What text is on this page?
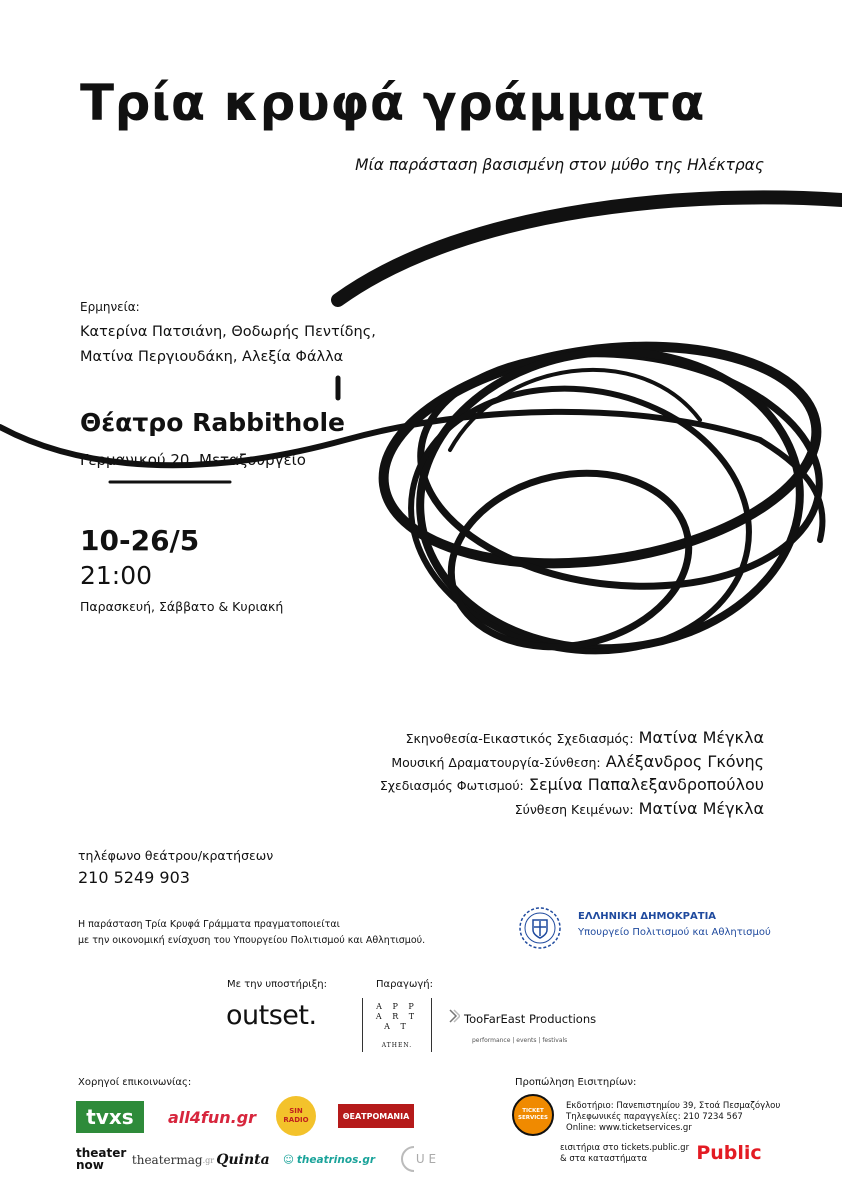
Τρία κρυφά γράμματα
Μία παράσταση βασισμένη στον μύθο της Ηλέκτρας
Ερμηνεία:
Κατερίνα Πατσιάνη, Θοδωρής Πεντίδης,
Ματίνα Περγιουδάκη, Αλεξία Φάλλα
Θέατρο Rabbithole
Γερμανικού 20, Μεταξουργείο
10-26/5
21:00
Παρασκευή, Σάββατο & Κυριακή
Σκηνοθεσία-Εικαστικός Σχεδιασμός: Ματίνα Μέγκλα
Μουσική Δραματουργία-Σύνθεση: Αλέξανδρος Γκόνης
Σχεδιασμός Φωτισμού: Σεμίνα Παπαλεξανδροπούλου
Σύνθεση Κειμένων: Ματίνα Μέγκλα
τηλέφωνο θεάτρου/κρατήσεων
210 5249 903
Η παράσταση Τρία Κρυφά Γράμματα πραγματοποιείται
με την οικονομική ενίσχυση του Υπουργείου Πολιτισμού και Αθλητισμού.
ΕΛΛΗΝΙΚΗ ΔΗΜΟΚΡΑΤΙΑ
Υπουργείο Πολιτισμού και Αθλητισμού
Με την υποστήριξη:
outset.
Παραγωγή:
A P P
A R T
A T
ATHEN.
TooFarEast Productions
performance | events | festivals
Χορηγοί επικοινωνίας:
tvxs all4fun.gr	SIN RADIO	ΘΕΑΤΡΟΜΑΝΙΑ
theater now	theatermag .gr Quinta ☺ theatrinos.gr	U E
Προπώληση Εισιτηρίων:
TICKET SERVICES
Εκδοτήριο: Πανεπιστημίου 39, Στοά Πεσμαζόγλου
Τηλεφωνικές παραγγελίες: 210 7234 567
Online: www.ticketservices.gr
εισιτήρια στο tickets.public.gr
& στα καταστήματα	Public
